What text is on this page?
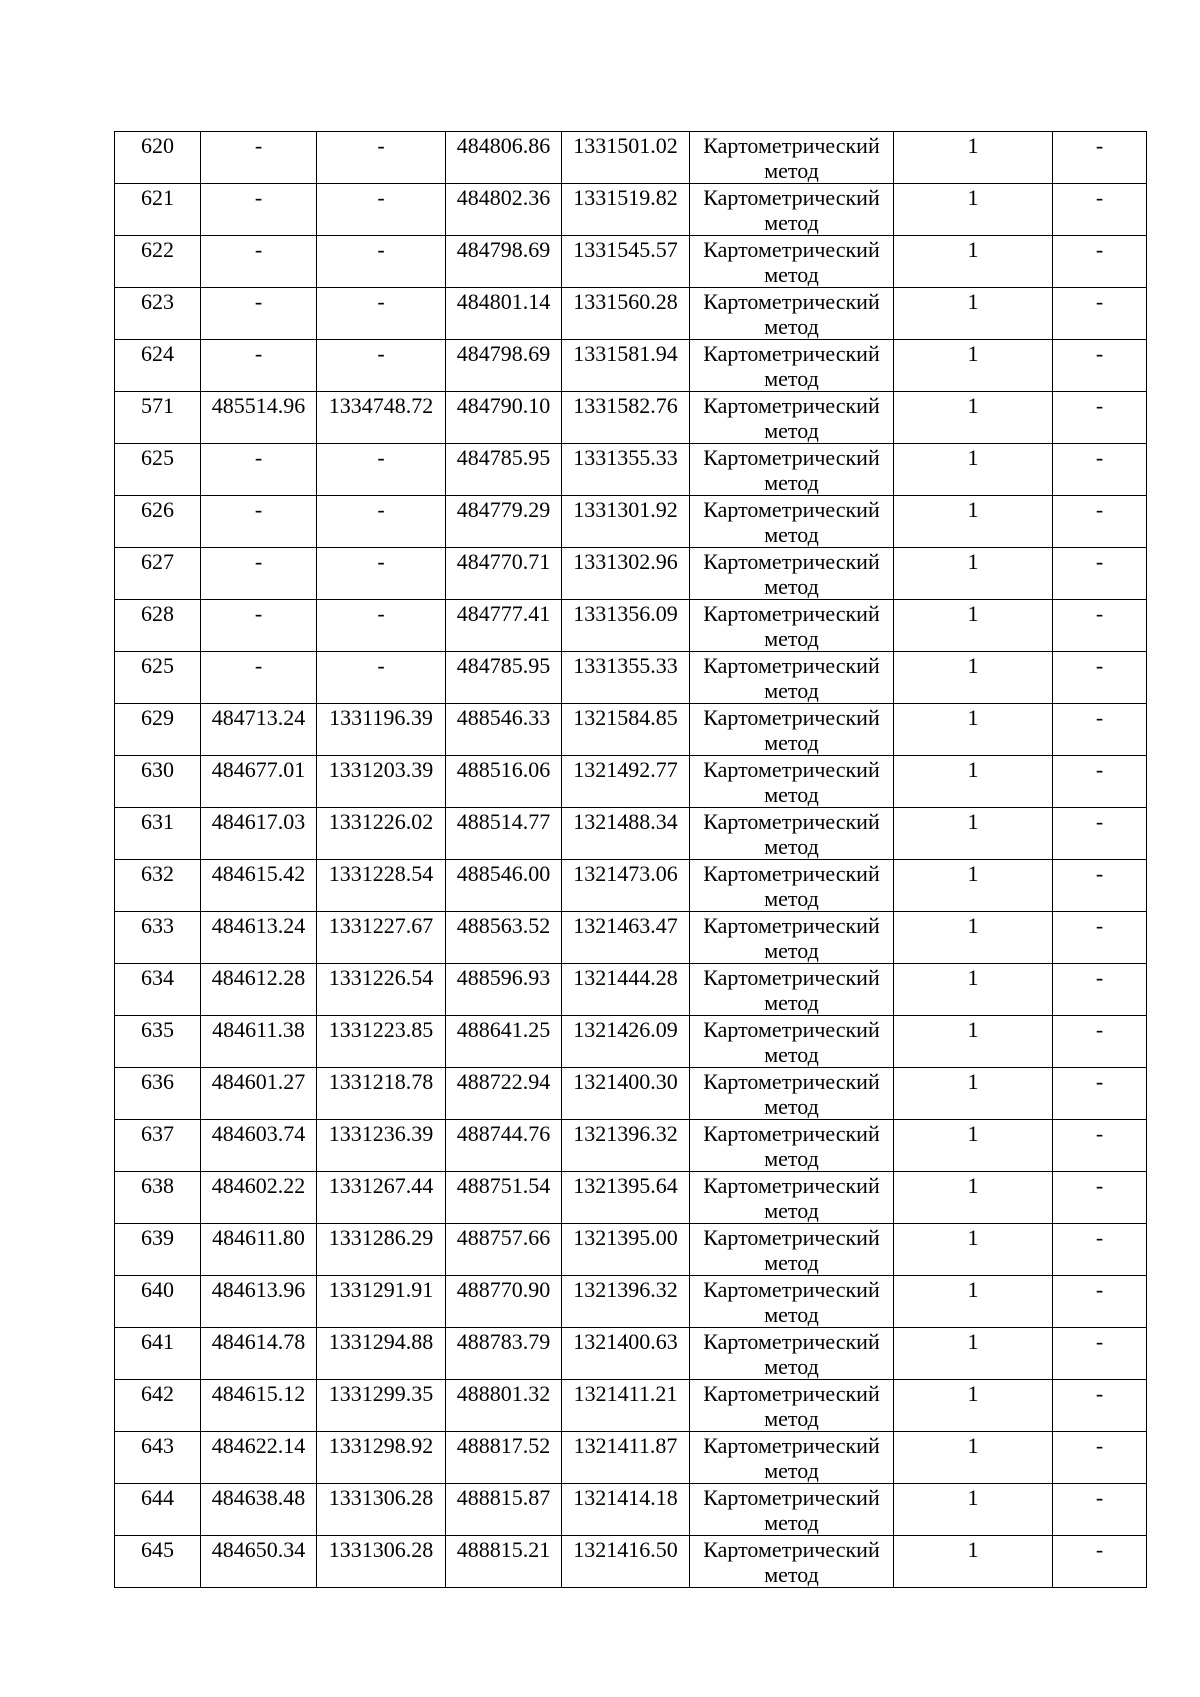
620	-	-	484806.86	1331501.02	Картометрический метод	1	-

621	-	-	484802.36	1331519.82	Картометрический метод	1	-

622	-	-	484798.69	1331545.57	Картометрический метод	1	-

623	-	-	484801.14	1331560.28	Картометрический метод	1	-

624	-	-	484798.69	1331581.94	Картометрический метод	1	-

571	485514.96	1334748.72	484790.10	1331582.76	Картометрический метод	1	-

625	-	-	484785.95	1331355.33	Картометрический метод	1	-

626	-	-	484779.29	1331301.92	Картометрический метод	1	-

627	-	-	484770.71	1331302.96	Картометрический метод	1	-

628	-	-	484777.41	1331356.09	Картометрический метод	1	-

625	-	-	484785.95	1331355.33	Картометрический метод	1	-

629	484713.24	1331196.39	488546.33	1321584.85	Картометрический метод	1	-

630	484677.01	1331203.39	488516.06	1321492.77	Картометрический метод	1	-

631	484617.03	1331226.02	488514.77	1321488.34	Картометрический метод	1	-

632	484615.42	1331228.54	488546.00	1321473.06	Картометрический метод	1	-

633	484613.24	1331227.67	488563.52	1321463.47	Картометрический метод	1	-

634	484612.28	1331226.54	488596.93	1321444.28	Картометрический метод	1	-

635	484611.38	1331223.85	488641.25	1321426.09	Картометрический метод	1	-

636	484601.27	1331218.78	488722.94	1321400.30	Картометрический метод	1	-

637	484603.74	1331236.39	488744.76	1321396.32	Картометрический метод	1	-

638	484602.22	1331267.44	488751.54	1321395.64	Картометрический метод	1	-

639	484611.80	1331286.29	488757.66	1321395.00	Картометрический метод	1	-

640	484613.96	1331291.91	488770.90	1321396.32	Картометрический метод	1	-

641	484614.78	1331294.88	488783.79	1321400.63	Картометрический метод	1	-

642	484615.12	1331299.35	488801.32	1321411.21	Картометрический метод	1	-

643	484622.14	1331298.92	488817.52	1321411.87	Картометрический метод	1	-

644	484638.48	1331306.28	488815.87	1321414.18	Картометрический метод	1	-

645	484650.34	1331306.28	488815.21	1321416.50	Картометрический метод	1	-
